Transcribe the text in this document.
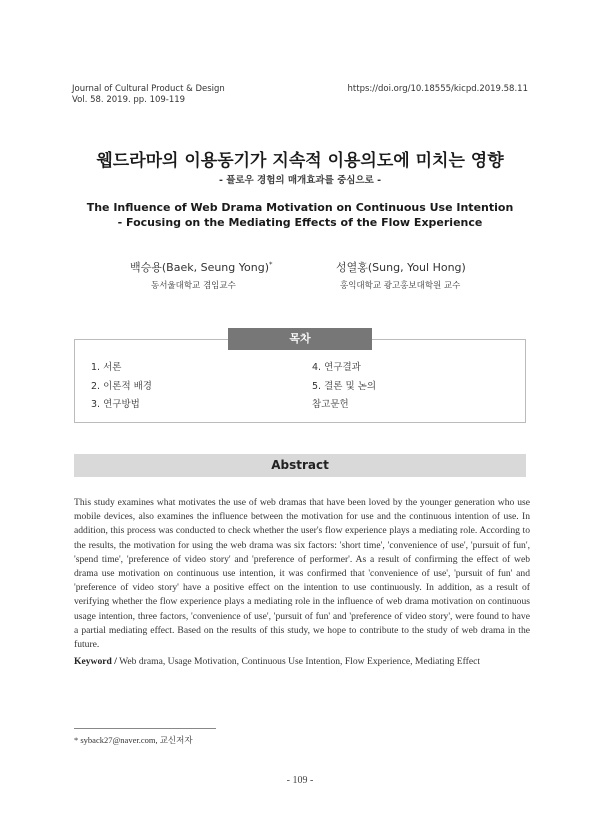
Journal of Cultural Product & Design
Vol. 58. 2019. pp. 109-119
https://doi.org/10.18555/kicpd.2019.58.11
웹드라마의 이용동기가 지속적 이용의도에 미치는 영향
- 플로우 경험의 매개효과를 중심으로 -
The Influence of Web Drama Motivation on Continuous Use Intention
- Focusing on the Mediating Effects of the Flow Experience
백승용(Baek, Seung Yong)*
동서울대학교 겸임교수
성열홍(Sung, Youl Hong)
홍익대학교 광고홍보대학원 교수
목차
1. 서론
2. 이론적 배경
3. 연구방법
4. 연구결과
5. 결론 및 논의
참고문헌
Abstract

This study examines what motivates the use of web dramas that have been loved by the younger generation who use mobile devices, also examines the influence between the motivation for use and the continuous intention of use. In addition, this process was conducted to check whether the user's flow experience plays a mediating role. According to the results, the motivation for using the web drama was six factors: 'short time', 'convenience of use', 'pursuit of fun', 'spend time', 'preference of video story' and 'preference of performer'. As a result of confirming the effect of web drama use motivation on continuous use intention, it was confirmed that 'convenience of use', 'pursuit of fun' and 'preference of video story' have a positive effect on the intention to use continuously. In addition, as a result of verifying whether the flow experience plays a mediating role in the influence of web drama motivation on continuous usage intention, three factors, 'convenience of use', 'pursuit of fun' and 'preference of video story', were found to have a partial mediating effect. Based on the results of this study, we hope to contribute to the study of web drama in the future.

Keyword / Web drama, Usage Motivation, Continuous Use Intention, Flow Experience, Mediating Effect
* syback27@naver.com, 교신저자
- 109 -
